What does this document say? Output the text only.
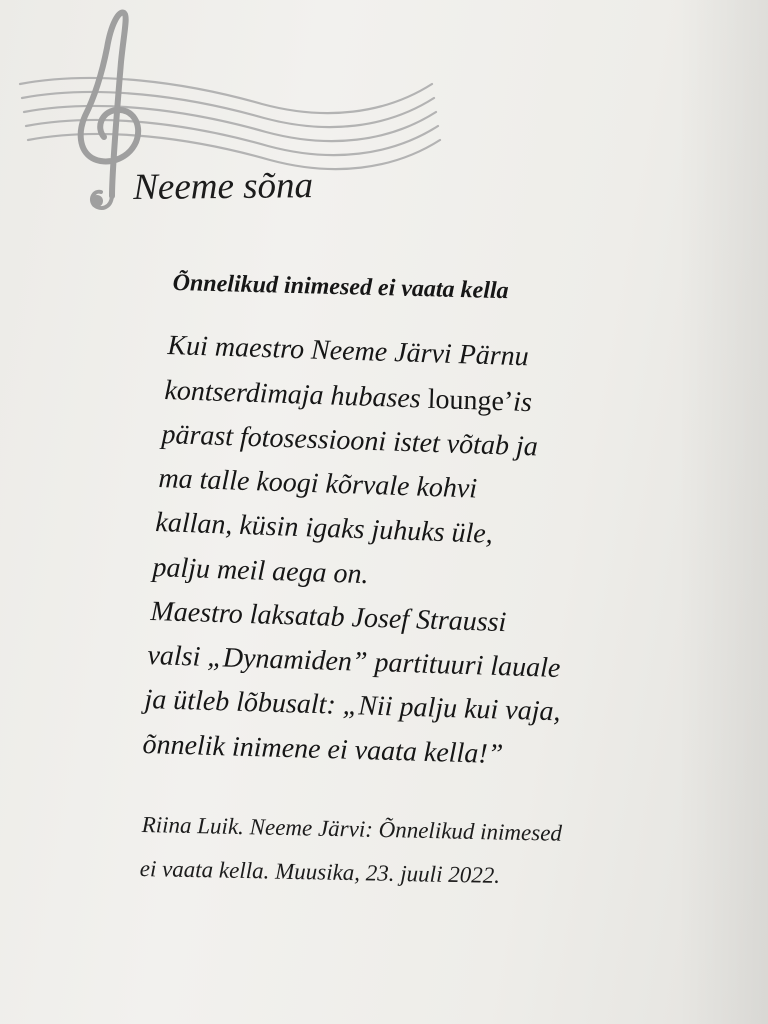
Neeme sõna
Õnnelikud inimesed ei vaata kella
Kui maestro Neeme Järvi Pärnu
kontserdimaja hubases lounge’is
pärast fotosessiooni istet võtab ja
ma talle koogi kõrvale kohvi
kallan, küsin igaks juhuks üle,
palju meil aega on.
Maestro laksatab Josef Straussi
valsi „Dynamiden” partituuri lauale
ja ütleb lõbusalt: „Nii palju kui vaja,
õnnelik inimene ei vaata kella!”
Riina Luik. Neeme Järvi: Õnnelikud inimesed
ei vaata kella. Muusika, 23. juuli 2022.
